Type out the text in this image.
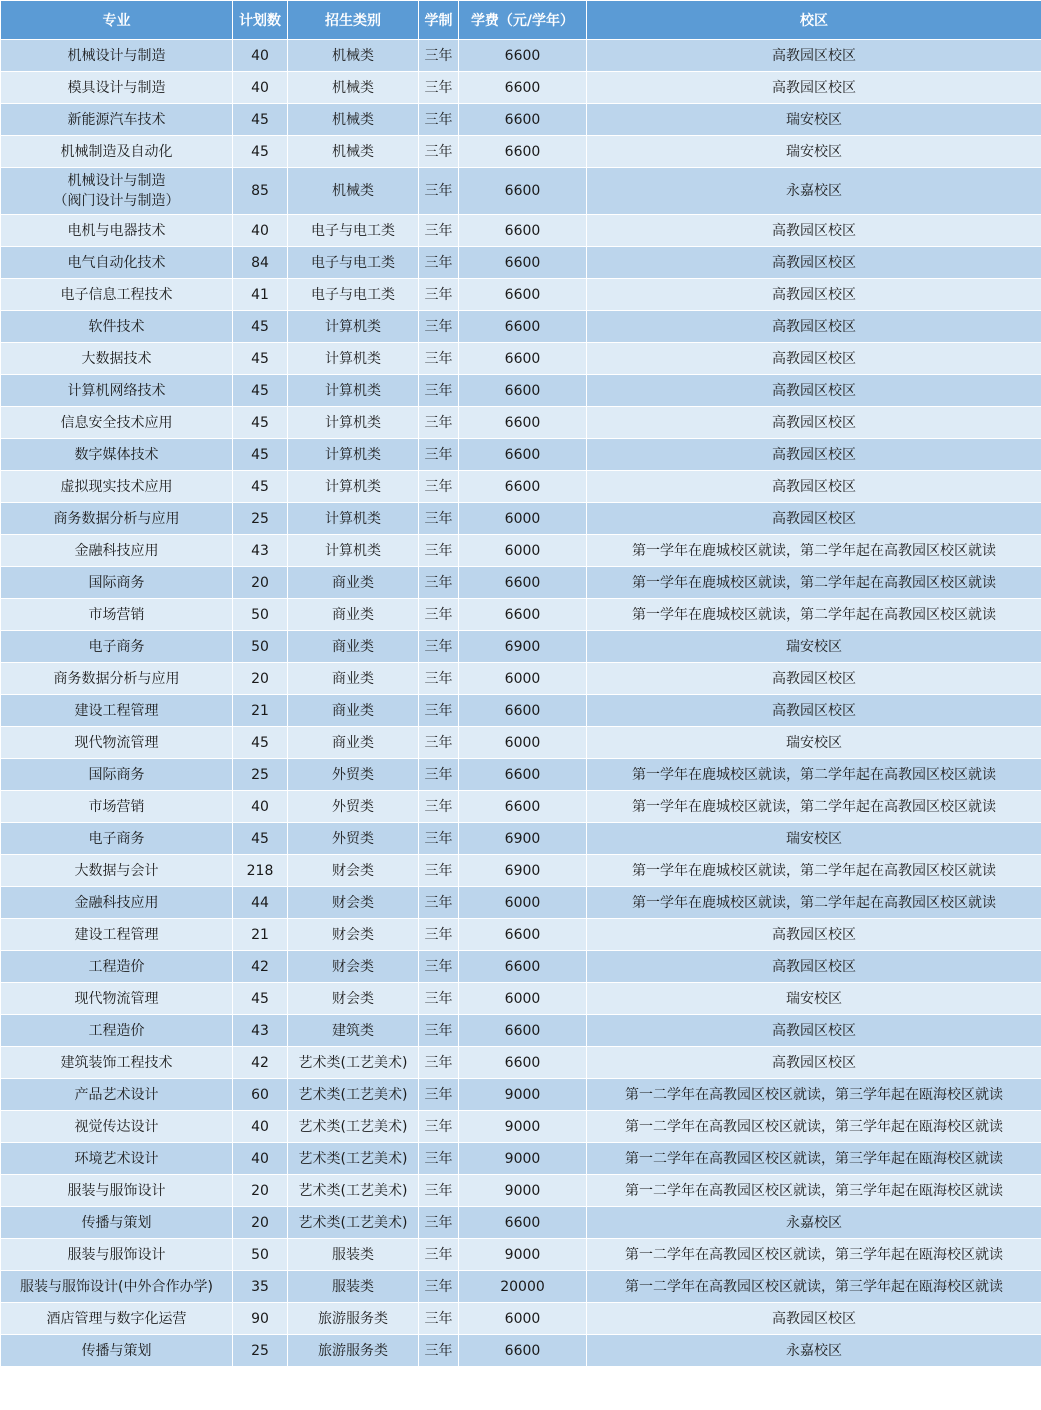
专业	计划数	招生类别	学制	学费（元/学年）	校区
机械设计与制造	40	机械类	三年	6600	高教园区校区
模具设计与制造	40	机械类	三年	6600	高教园区校区
新能源汽车技术	45	机械类	三年	6600	瑞安校区
机械制造及自动化	45	机械类	三年	6600	瑞安校区
机械设计与制造
（阀门设计与制造）	85	机械类	三年	6600	永嘉校区
电机与电器技术	40	电子与电工类	三年	6600	高教园区校区
电气自动化技术	84	电子与电工类	三年	6600	高教园区校区
电子信息工程技术	41	电子与电工类	三年	6600	高教园区校区
软件技术	45	计算机类	三年	6600	高教园区校区
大数据技术	45	计算机类	三年	6600	高教园区校区
计算机网络技术	45	计算机类	三年	6600	高教园区校区
信息安全技术应用	45	计算机类	三年	6600	高教园区校区
数字媒体技术	45	计算机类	三年	6600	高教园区校区
虚拟现实技术应用	45	计算机类	三年	6600	高教园区校区
商务数据分析与应用	25	计算机类	三年	6000	高教园区校区
金融科技应用	43	计算机类	三年	6000	第一学年在鹿城校区就读，第二学年起在高教园区校区就读
国际商务	20	商业类	三年	6600	第一学年在鹿城校区就读，第二学年起在高教园区校区就读
市场营销	50	商业类	三年	6600	第一学年在鹿城校区就读，第二学年起在高教园区校区就读
电子商务	50	商业类	三年	6900	瑞安校区
商务数据分析与应用	20	商业类	三年	6000	高教园区校区
建设工程管理	21	商业类	三年	6600	高教园区校区
现代物流管理	45	商业类	三年	6000	瑞安校区
国际商务	25	外贸类	三年	6600	第一学年在鹿城校区就读，第二学年起在高教园区校区就读
市场营销	40	外贸类	三年	6600	第一学年在鹿城校区就读，第二学年起在高教园区校区就读
电子商务	45	外贸类	三年	6900	瑞安校区
大数据与会计	218	财会类	三年	6900	第一学年在鹿城校区就读，第二学年起在高教园区校区就读
金融科技应用	44	财会类	三年	6000	第一学年在鹿城校区就读，第二学年起在高教园区校区就读
建设工程管理	21	财会类	三年	6600	高教园区校区
工程造价	42	财会类	三年	6600	高教园区校区
现代物流管理	45	财会类	三年	6000	瑞安校区
工程造价	43	建筑类	三年	6600	高教园区校区
建筑装饰工程技术	42	艺术类(工艺美术)	三年	6600	高教园区校区
产品艺术设计	60	艺术类(工艺美术)	三年	9000	第一二学年在高教园区校区就读，第三学年起在瓯海校区就读
视觉传达设计	40	艺术类(工艺美术)	三年	9000	第一二学年在高教园区校区就读，第三学年起在瓯海校区就读
环境艺术设计	40	艺术类(工艺美术)	三年	9000	第一二学年在高教园区校区就读，第三学年起在瓯海校区就读
服装与服饰设计	20	艺术类(工艺美术)	三年	9000	第一二学年在高教园区校区就读，第三学年起在瓯海校区就读
传播与策划	20	艺术类(工艺美术)	三年	6600	永嘉校区
服装与服饰设计	50	服装类	三年	9000	第一二学年在高教园区校区就读，第三学年起在瓯海校区就读
服装与服饰设计(中外合作办学)	35	服装类	三年	20000	第一二学年在高教园区校区就读，第三学年起在瓯海校区就读
酒店管理与数字化运营	90	旅游服务类	三年	6000	高教园区校区
传播与策划	25	旅游服务类	三年	6600	永嘉校区
